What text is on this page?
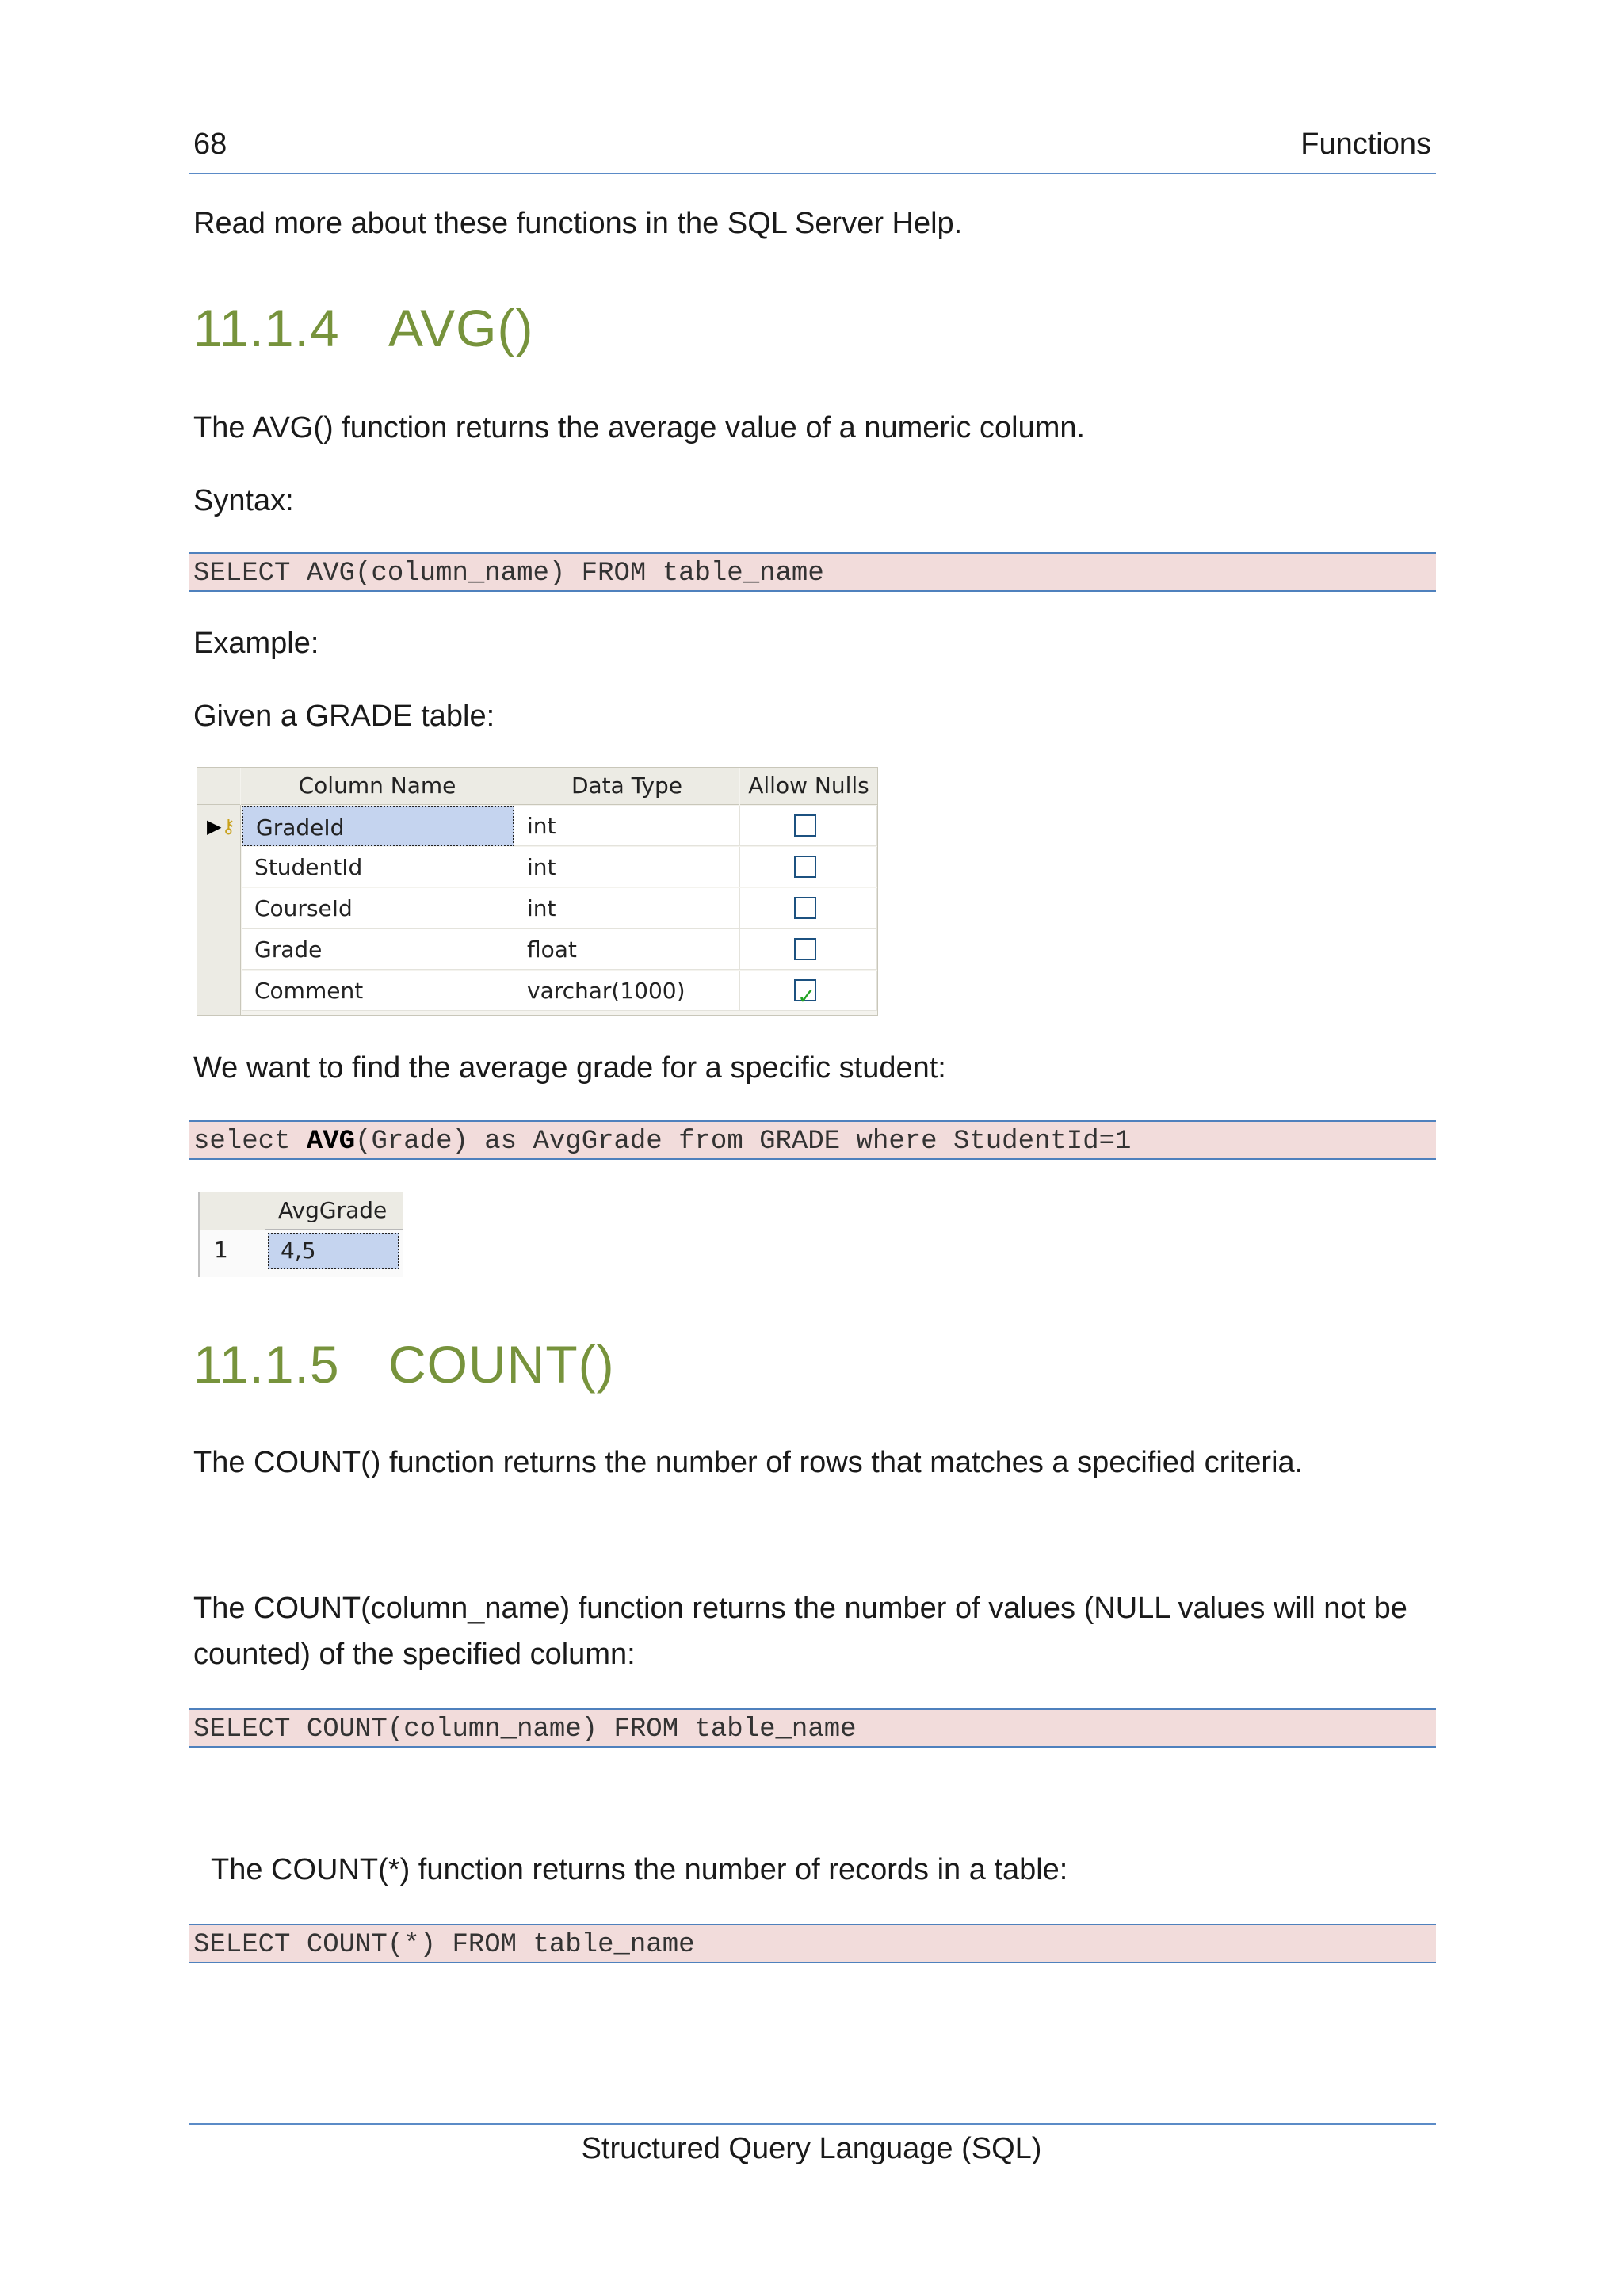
68	Functions
Read more about these functions in the SQL Server Help.
11.1.4 AVG()
The AVG() function returns the average value of a numeric column.
Syntax:
SELECT AVG(column_name) FROM table_name
Example:
Given a GRADE table:
Column Name	Data Type	Allow Nulls
▶⚷ GradeId	int
StudentId	int
CourseId	int
Grade	float
Comment	varchar(1000)	✓
We want to find the average grade for a specific student:
select AVG(Grade) as AvgGrade from GRADE where StudentId=1
AvgGrade
1	4,5
11.1.5 COUNT()
The COUNT() function returns the number of rows that matches a specified criteria.
The COUNT(column_name) function returns the number of values (NULL values will not be
counted) of the specified column:
SELECT COUNT(column_name) FROM table_name
The COUNT(*) function returns the number of records in a table:
SELECT COUNT(*) FROM table_name
Structured Query Language (SQL)
